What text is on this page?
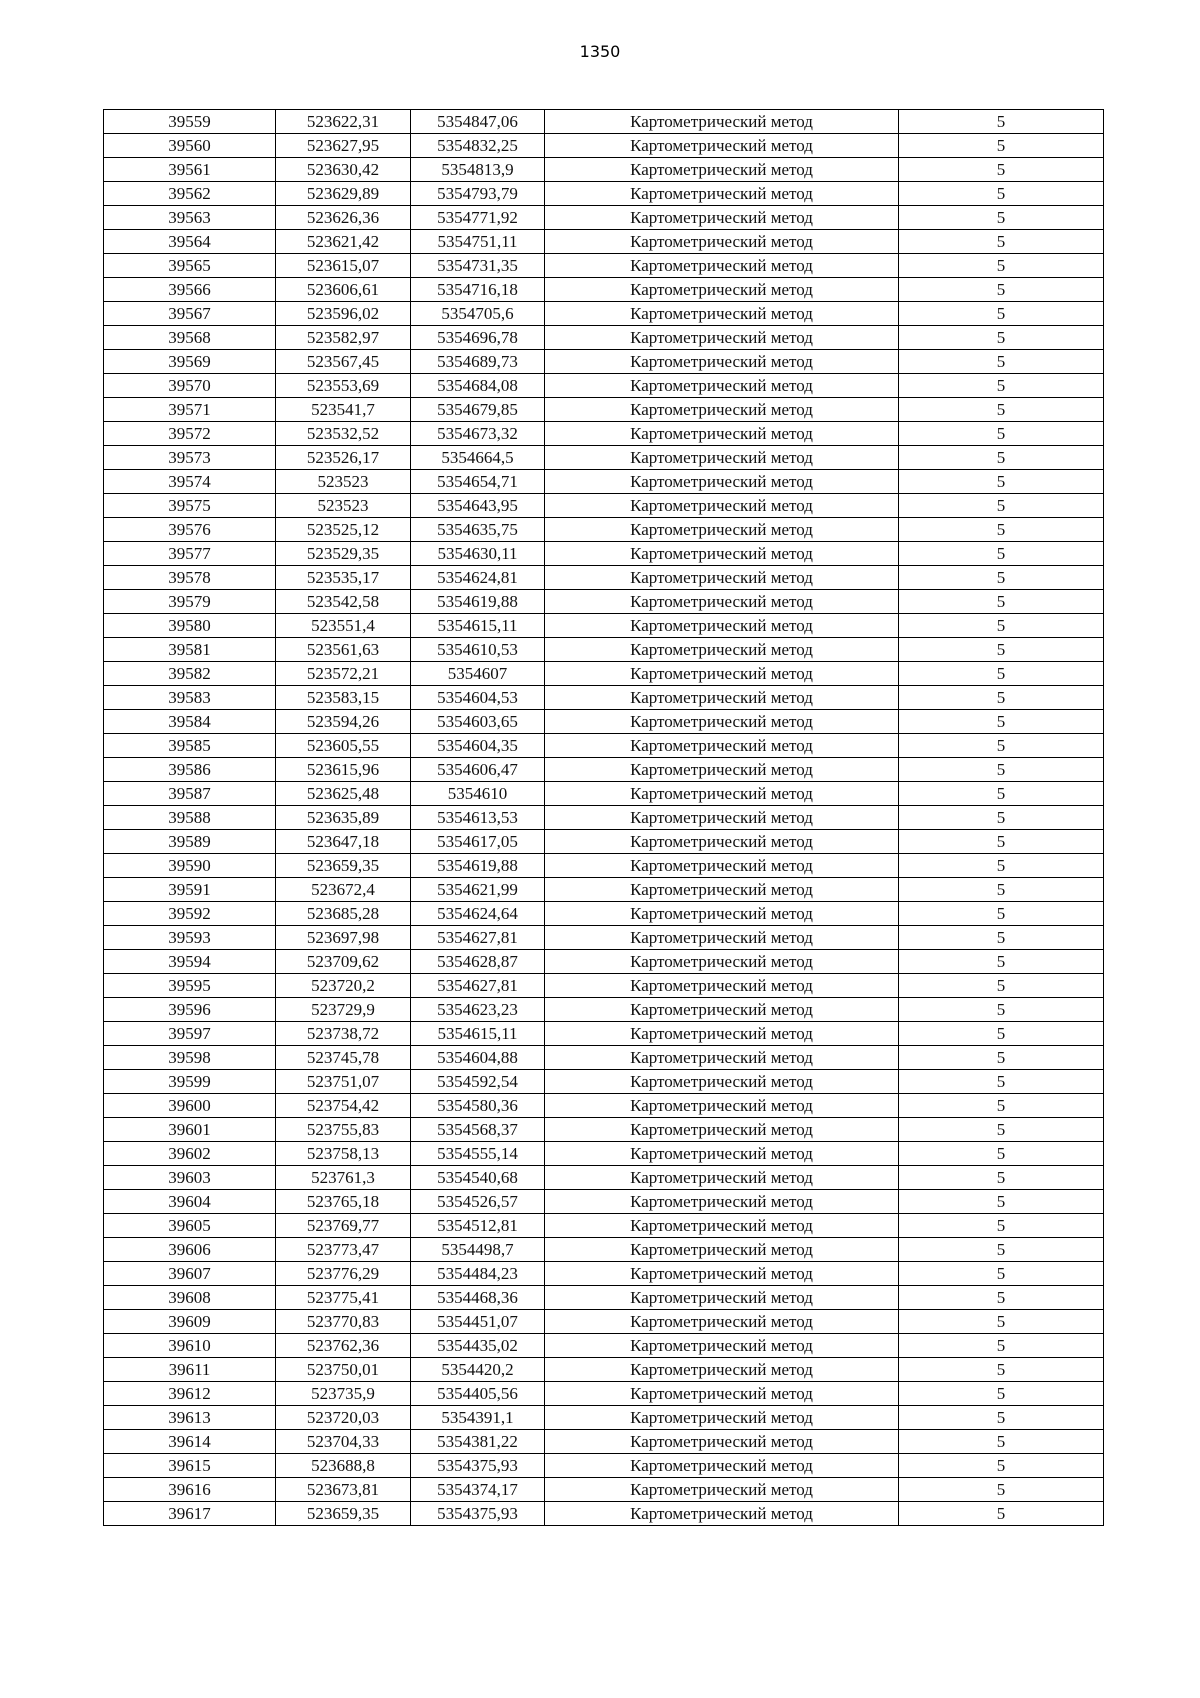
1350
39559	523622,31	5354847,06	Картометрический метод	5
39560	523627,95	5354832,25	Картометрический метод	5
39561	523630,42	5354813,9	Картометрический метод	5
39562	523629,89	5354793,79	Картометрический метод	5
39563	523626,36	5354771,92	Картометрический метод	5
39564	523621,42	5354751,11	Картометрический метод	5
39565	523615,07	5354731,35	Картометрический метод	5
39566	523606,61	5354716,18	Картометрический метод	5
39567	523596,02	5354705,6	Картометрический метод	5
39568	523582,97	5354696,78	Картометрический метод	5
39569	523567,45	5354689,73	Картометрический метод	5
39570	523553,69	5354684,08	Картометрический метод	5
39571	523541,7	5354679,85	Картометрический метод	5
39572	523532,52	5354673,32	Картометрический метод	5
39573	523526,17	5354664,5	Картометрический метод	5
39574	523523	5354654,71	Картометрический метод	5
39575	523523	5354643,95	Картометрический метод	5
39576	523525,12	5354635,75	Картометрический метод	5
39577	523529,35	5354630,11	Картометрический метод	5
39578	523535,17	5354624,81	Картометрический метод	5
39579	523542,58	5354619,88	Картометрический метод	5
39580	523551,4	5354615,11	Картометрический метод	5
39581	523561,63	5354610,53	Картометрический метод	5
39582	523572,21	5354607	Картометрический метод	5
39583	523583,15	5354604,53	Картометрический метод	5
39584	523594,26	5354603,65	Картометрический метод	5
39585	523605,55	5354604,35	Картометрический метод	5
39586	523615,96	5354606,47	Картометрический метод	5
39587	523625,48	5354610	Картометрический метод	5
39588	523635,89	5354613,53	Картометрический метод	5
39589	523647,18	5354617,05	Картометрический метод	5
39590	523659,35	5354619,88	Картометрический метод	5
39591	523672,4	5354621,99	Картометрический метод	5
39592	523685,28	5354624,64	Картометрический метод	5
39593	523697,98	5354627,81	Картометрический метод	5
39594	523709,62	5354628,87	Картометрический метод	5
39595	523720,2	5354627,81	Картометрический метод	5
39596	523729,9	5354623,23	Картометрический метод	5
39597	523738,72	5354615,11	Картометрический метод	5
39598	523745,78	5354604,88	Картометрический метод	5
39599	523751,07	5354592,54	Картометрический метод	5
39600	523754,42	5354580,36	Картометрический метод	5
39601	523755,83	5354568,37	Картометрический метод	5
39602	523758,13	5354555,14	Картометрический метод	5
39603	523761,3	5354540,68	Картометрический метод	5
39604	523765,18	5354526,57	Картометрический метод	5
39605	523769,77	5354512,81	Картометрический метод	5
39606	523773,47	5354498,7	Картометрический метод	5
39607	523776,29	5354484,23	Картометрический метод	5
39608	523775,41	5354468,36	Картометрический метод	5
39609	523770,83	5354451,07	Картометрический метод	5
39610	523762,36	5354435,02	Картометрический метод	5
39611	523750,01	5354420,2	Картометрический метод	5
39612	523735,9	5354405,56	Картометрический метод	5
39613	523720,03	5354391,1	Картометрический метод	5
39614	523704,33	5354381,22	Картометрический метод	5
39615	523688,8	5354375,93	Картометрический метод	5
39616	523673,81	5354374,17	Картометрический метод	5
39617	523659,35	5354375,93	Картометрический метод	5
